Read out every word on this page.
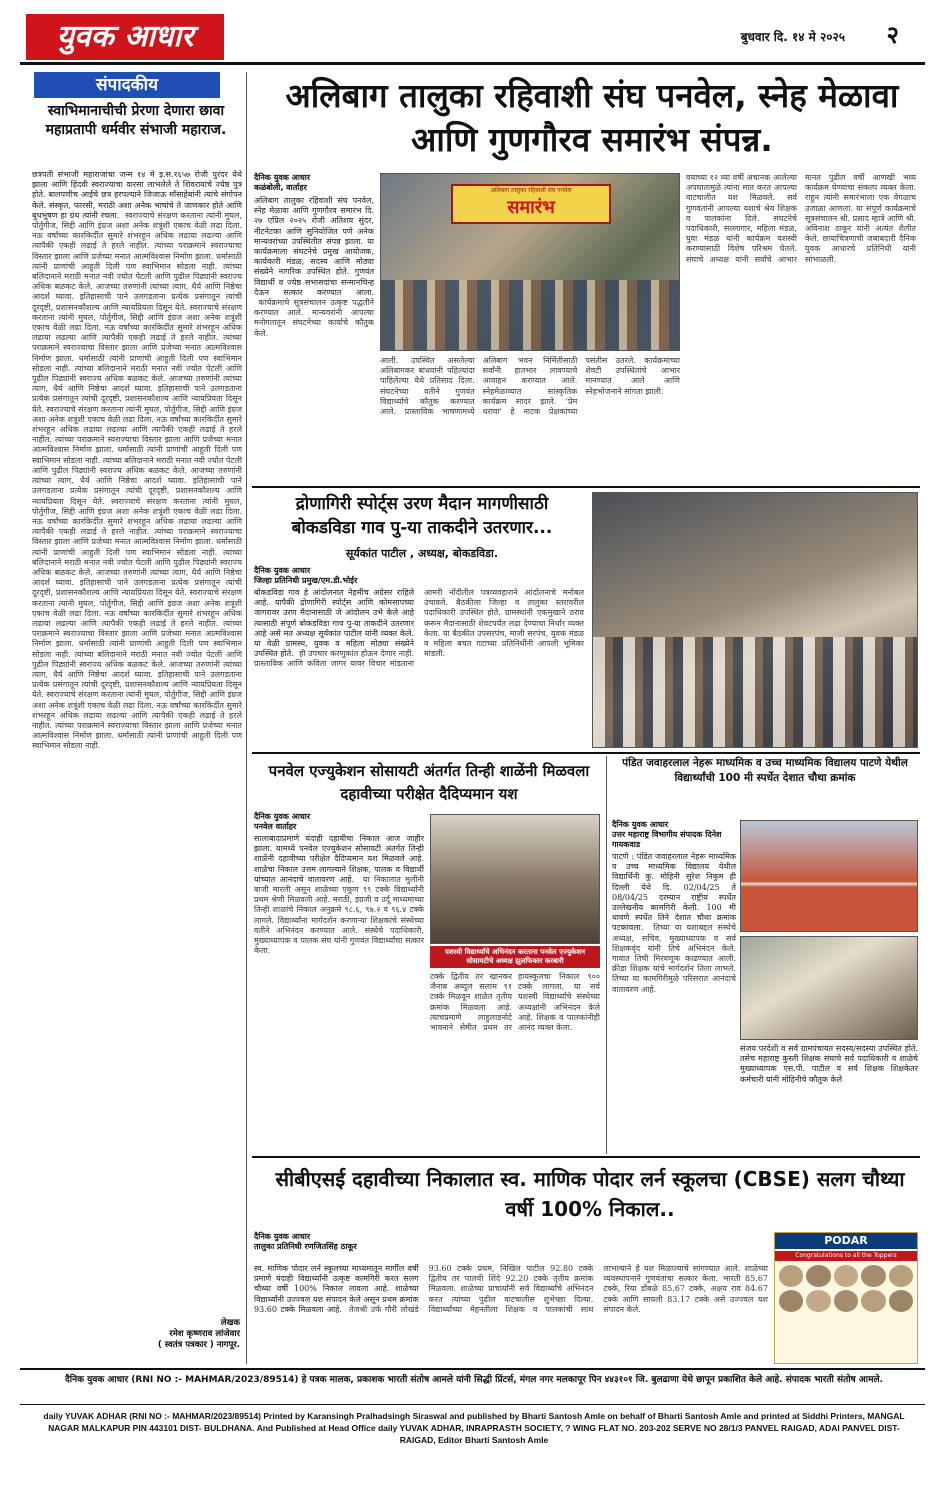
युवक आधार	बुधवार दि. १४ मे २०२५ २
संपादकीय
स्वाभिमानाचीची प्रेरणा देणारा छावा महाप्रतापी धर्मवीर संभाजी महाराज.
छत्रपती संभाजी महाराजांचा जन्म १४ मे इ.स.१६५७ रोजी पुरंदर येथे झाला आणि हिंदवी स्वराज्याचा वारसा लाभलेले ते शिवरायांचे ज्येष्ठ पुत्र होते. बालपणीच आईचे छत्र हरपल्याने जिजाऊ माँसाहेबांनी त्यांचे संगोपन केले. संस्कृत, फारसी, मराठी अशा अनेक भाषांचे ते जाणकार होते आणि बुधभूषण हा ग्रंथ त्यांनी रचला.  स्वराज्याचे संरक्षण करताना त्यांनी मुघल, पोर्तुगीज, सिद्दी आणि इंग्रज अशा अनेक शत्रूंशी एकाच वेळी लढा दिला. नऊ वर्षांच्या कारकिर्दीत सुमारे शंभरहून अधिक लढाया लढल्या आणि त्यापैकी एकही लढाई ते हरले नाहीत. त्यांच्या पराक्रमाने स्वराज्याचा विस्तार झाला आणि प्रजेच्या मनात आत्मविश्वास निर्माण झाला. धर्मासाठी त्यांनी प्राणांची आहुती दिली पण स्वाभिमान सोडला नाही. त्यांच्या बलिदानाने मराठी मनात नवी ज्योत पेटली आणि पुढील पिढ्यांनी स्वराज्य अधिक बळकट केले. आजच्या तरुणांनी त्यांच्या त्याग, धैर्य आणि निष्ठेचा आदर्श घ्यावा. इतिहासाची पाने उलगडताना प्रत्येक प्रसंगातून त्यांची दूरदृष्टी, प्रशासनकौशल्य आणि न्यायप्रियता दिसून येते. स्वराज्याचे संरक्षण करताना त्यांनी मुघल, पोर्तुगीज, सिद्दी आणि इंग्रज अशा अनेक शत्रूंशी एकाच वेळी लढा दिला. नऊ वर्षांच्या कारकिर्दीत सुमारे शंभरहून अधिक लढाया लढल्या आणि त्यापैकी एकही लढाई ते हरले नाहीत. त्यांच्या पराक्रमाने स्वराज्याचा विस्तार झाला आणि प्रजेच्या मनात आत्मविश्वास निर्माण झाला. धर्मासाठी त्यांनी प्राणांची आहुती दिली पण स्वाभिमान सोडला नाही. त्यांच्या बलिदानाने मराठी मनात नवी ज्योत पेटली आणि पुढील पिढ्यांनी स्वराज्य अधिक बळकट केले. आजच्या तरुणांनी त्यांच्या त्याग, धैर्य आणि निष्ठेचा आदर्श घ्यावा. इतिहासाची पाने उलगडताना प्रत्येक प्रसंगातून त्यांची दूरदृष्टी, प्रशासनकौशल्य आणि न्यायप्रियता दिसून येते. स्वराज्याचे संरक्षण करताना त्यांनी मुघल, पोर्तुगीज, सिद्दी आणि इंग्रज अशा अनेक शत्रूंशी एकाच वेळी लढा दिला. नऊ वर्षांच्या कारकिर्दीत सुमारे शंभरहून अधिक लढाया लढल्या आणि त्यापैकी एकही लढाई ते हरले नाहीत. त्यांच्या पराक्रमाने स्वराज्याचा विस्तार झाला आणि प्रजेच्या मनात आत्मविश्वास निर्माण झाला. धर्मासाठी त्यांनी प्राणांची आहुती दिली पण स्वाभिमान सोडला नाही. त्यांच्या बलिदानाने मराठी मनात नवी ज्योत पेटली आणि पुढील पिढ्यांनी स्वराज्य अधिक बळकट केले. आजच्या तरुणांनी त्यांच्या त्याग, धैर्य आणि निष्ठेचा आदर्श घ्यावा. इतिहासाची पाने उलगडताना प्रत्येक प्रसंगातून त्यांची दूरदृष्टी, प्रशासनकौशल्य आणि न्यायप्रियता दिसून येते. स्वराज्याचे संरक्षण करताना त्यांनी मुघल, पोर्तुगीज, सिद्दी आणि इंग्रज अशा अनेक शत्रूंशी एकाच वेळी लढा दिला. नऊ वर्षांच्या कारकिर्दीत सुमारे शंभरहून अधिक लढाया लढल्या आणि त्यापैकी एकही लढाई ते हरले नाहीत. त्यांच्या पराक्रमाने स्वराज्याचा विस्तार झाला आणि प्रजेच्या मनात आत्मविश्वास निर्माण झाला. धर्मासाठी त्यांनी प्राणांची आहुती दिली पण स्वाभिमान सोडला नाही. त्यांच्या बलिदानाने मराठी मनात नवी ज्योत पेटली आणि पुढील पिढ्यांनी स्वराज्य अधिक बळकट केले. आजच्या तरुणांनी त्यांच्या त्याग, धैर्य आणि निष्ठेचा आदर्श घ्यावा. इतिहासाची पाने उलगडताना प्रत्येक प्रसंगातून त्यांची दूरदृष्टी, प्रशासनकौशल्य आणि न्यायप्रियता दिसून येते. स्वराज्याचे संरक्षण करताना त्यांनी मुघल, पोर्तुगीज, सिद्दी आणि इंग्रज अशा अनेक शत्रूंशी एकाच वेळी लढा दिला. नऊ वर्षांच्या कारकिर्दीत सुमारे शंभरहून अधिक लढाया लढल्या आणि त्यापैकी एकही लढाई ते हरले नाहीत. त्यांच्या पराक्रमाने स्वराज्याचा विस्तार झाला आणि प्रजेच्या मनात आत्मविश्वास निर्माण झाला. धर्मासाठी त्यांनी प्राणांची आहुती दिली पण स्वाभिमान सोडला नाही. त्यांच्या बलिदानाने मराठी मनात नवी ज्योत पेटली आणि पुढील पिढ्यांनी स्वराज्य अधिक बळकट केले. आजच्या तरुणांनी त्यांच्या त्याग, धैर्य आणि निष्ठेचा आदर्श घ्यावा. इतिहासाची पाने उलगडताना प्रत्येक प्रसंगातून त्यांची दूरदृष्टी, प्रशासनकौशल्य आणि न्यायप्रियता दिसून येते. स्वराज्याचे संरक्षण करताना त्यांनी मुघल, पोर्तुगीज, सिद्दी आणि इंग्रज अशा अनेक शत्रूंशी एकाच वेळी लढा दिला. नऊ वर्षांच्या कारकिर्दीत सुमारे शंभरहून अधिक लढाया लढल्या आणि त्यापैकी एकही लढाई ते हरले नाहीत. त्यांच्या पराक्रमाने स्वराज्याचा विस्तार झाला आणि प्रजेच्या मनात आत्मविश्वास निर्माण झाला. धर्मासाठी त्यांनी प्राणांची आहुती दिली पण स्वाभिमान सोडला नाही.
लेखक
रमेश कृष्णराव लांजेवार
( स्वतंत्र पत्रकार ) नागपूर.
अलिबाग तालुका रहिवाशी संघ पनवेल, स्नेह मेळावा आणि गुणगौरव समारंभ संपन्न.
दैनिक युवक आधार
कळंबोली, वार्ताहर
अलिबाग तालुका रहिवाशी संघ पनवेल, स्नेह मेळावा आणि गुणगौरव समारंभ दि. २७ एप्रिल २०२५ रोजी अतिशय सुंदर, नीटनेटका आणि सुनियोजित पणे अनेक मान्यवरांच्या उपस्थितीत संपन्न झाला. या कार्यक्रमाला संघटनेचे प्रमुख आयोजक, कार्यकारी मंडळ, सदस्य आणि मोठ्या संख्येने नागरिक उपस्थित होते. गुणवंत विद्यार्थी व ज्येष्ठ सभासदांचा सन्मानचिन्ह देऊन सत्कार करण्यात आला.  कार्यक्रमाचे सूत्रसंचालन उत्कृष्ट पद्धतीने करण्यात आले. मान्यवरांनी आपल्या मनोगतातून संघटनेच्या कार्याचे कौतुक केले.
अलिबाग तालुका रहिवाशी संघ पनवेल
समारंभ
आली. उपस्थित असलेल्या अलिबागकर बांधवांनी पहिल्यांदा पाहिलेल्या येथे प्रतिसाद दिला. संघटनेच्या वतीने गुणवंत विद्यार्थ्यांचे कौतुक करण्यात आले. प्रास्ताविक भाषणामध्ये अलिबाग भवन निर्मितीसाठी सर्वांनी हातभार लावण्याचे आवाहन करण्यात आले. स्नेहमेळाव्यात सांस्कृतिक कार्यक्रम सादर झाले. 'प्रेम धरावा' हे नाटक प्रेक्षकांच्या पसंतीस उतरले. कार्यक्रमाच्या शेवटी उपस्थितांचे आभार मानण्यात आले आणि स्नेहभोजनाने सांगता झाली.
वयाच्या १२ व्या वर्षी अचानक आलेल्या अपघातामुळे त्यांना मात करत आपल्या वाटचालीत यश मिळवले. सर्व गुणवंतांनी आपल्या यशाचे श्रेय शिक्षक व पालकांना दिले. संघटनेचे पदाधिकारी, सल्लागार, महिला मंडळ, युवा मंडळ यांनी कार्यक्रम यशस्वी करण्यासाठी विशेष परिश्रम घेतले. संघाचे अध्यक्ष यांनी सर्वांचे आभार मानत पुढील वर्षी आणखी भव्य कार्यक्रम घेण्याचा संकल्प व्यक्त केला. राहून त्यांनी समारंभाला एक वेगळाच उजाळा आणला. या संपूर्ण कार्यक्रमाचे सूत्रसंचालन श्री. प्रसाद म्हात्रे आणि श्री. अविनाश ठाकूर यांनी अत्यंत शैलीत केले. छायाचित्रणाची जबाबदारी दैनिक युवक आधारचे प्रतिनिधी यांनी सांभाळली.
द्रोणागिरी स्पोर्ट्स उरण मैदान मागणीसाठी बोकडविडा गाव पु-या ताकदीने उतरणार...
सूर्यकांत पाटील , अध्यक्ष, बोकडविडा.
दैनिक युवक आधार
जिल्हा प्रतिनिधी प्रमुख/एम.डी.भोईर
बोकडविडा गाव हे आंदोलनात नेहमीच अग्रेसर राहिले आहे. यापैकी द्रोणागिरी स्पोर्ट्स आणि कोमसापच्या जागरावर उरण मैदानासाठी जे आंदोलन उभे केले आहे त्यासाठी संपूर्ण बोकडविडा गाव पु-या ताकदीने उतरणार आहे असे मत अध्यक्ष सूर्यकांत पाटील यांनी व्यक्त केले. या वेळी ग्रामस्थ, युवक व महिला मोठ्या संख्येने उपस्थित होते.  ही उपचार करणुकांत होऊन देणार नाही. प्रास्ताविक आणि कविता जागर यावर विचार मांडताना आमरी नोंदीतील पत्रव्यवहाराने आंदोलनाचे मनोबल उंचावले. बैठकीला जिल्हा व तालुका स्तरावरील पदाधिकारी उपस्थित होते. ग्रामस्थांनी एकमुखाने ठराव करून मैदानासाठी शेवटपर्यंत लढा देण्याचा निर्धार व्यक्त केला. या बैठकीत उपसरपंच, माजी सरपंच, युवक मंडळ व महिला बचत गटाच्या प्रतिनिधींनी आपली भूमिका मांडली.
पनवेल एज्युकेशन सोसायटी अंतर्गत तिन्ही शाळेंनी मिळवला दहावीच्या परीक्षेत दैदिप्यमान यश
दैनिक युवक आधार
पनवेल वार्ताहर
सालाबादाप्रमाणे यंदाही दहावीचा निकाल आज जाहीर झाला. यामध्ये पनवेल एज्युकेशन सोसायटी अंतर्गत तिन्ही शाळेंनी दहावीच्या परीक्षेत दैदिप्यमान यश मिळवले आहे. शाळेचा निकाल उत्तम लागल्याने शिक्षक, पालक व विद्यार्थी यांच्यात आनंदाचे वातावरण आहे.  या निकालात मुलींनी बाजी मारली असून शाळेच्या एकूण ९९ टक्के विद्यार्थ्यांनी प्रथम श्रेणी मिळवली आहे. मराठी, इंग्रजी व उर्दू माध्यमाच्या तिन्ही शाळांचे निकाल अनुक्रमे ९८.६, ९७.२ व ९६.४ टक्के लागले. विद्यार्थ्यांना मार्गदर्शन करणाऱ्या शिक्षकांचे संस्थेच्या वतीने अभिनंदन करण्यात आले. संस्थेचे पदाधिकारी, मुख्याध्यापक व पालक संघ यांनी गुणवंत विद्यार्थ्यांचा सत्कार केला.	यशस्वी विद्यार्थ्यांचे अभिनंदन करताना पनवेल एज्युकेशन सोसायटीचे अध्यक्ष झुलफिकार करबारी
टक्के द्वितीय तर खानकर जैनाब अब्दुल सलाम ९१ टक्के मिळवून शाळेत तृतीय क्रमांक मिळवला आहे. त्याचप्रमाणे लाहुलाडनोटे भावनाने सेमीत प्रथम तर हायस्कूलचा निकाल ९०० टक्के लागला. या सर्व यशस्वी विद्यार्थ्यांचे संस्थेच्या अध्यक्षांनी अभिनंदन केले आहे. शिक्षक व पालकांनीही आनंद व्यक्त केला.
पंडित जवाहरलाल नेहरू माध्यमिक व उच्च माध्यमिक विद्यालय पाटणे येथील विद्यार्थ्यांची 100 मी स्पर्धेत देशात चौथा क्रमांक
दैनिक युवक आधार
उत्तर महाराष्ट्र विभागीय संपादक दिनेश गायकवाड
पाटणे : पंडित जवाहरलाल नेहरू माध्यमिक व उच्च माध्यमिक विद्यालय येथील विद्यार्थिनी कु. मोहिनी सुरेश निकुम ही दिल्ली येथे दि. 02/04/25 ते 08/04/25 दरम्यान राष्ट्रीय स्पर्धेत उल्लेखनीय कामगिरी केली. 100 मी धावणे स्पर्धेत तिने देशात चौथा क्रमांक पटकावला.  तिच्या या यशाबद्दल संस्थेचे अध्यक्ष, सचिव, मुख्याध्यापक व सर्व शिक्षकवृंद यांनी तिचे अभिनंदन केले. गावात तिची मिरवणूक काढण्यात आली. क्रीडा शिक्षक यांचे मार्गदर्शन तिला लाभले. तिच्या या कामगिरीमुळे परिसरात आनंदाचे वातावरण आहे.
संजय परदेशी व सर्व ग्रामपंचायत सदस्य/सदस्या उपस्थित होते. तसेच महाराष्ट्र कुस्ती शिक्षक संघाचे सर्व पदाधिकारी व शाळेचे मुख्याध्यापक एस.पी. पाटील व सर्व शिक्षक शिक्षकेतर कर्मचारी यांनी मोहिनीचे कौतुक केले
सीबीएसई दहावीच्या निकालात स्व. माणिक पोदार लर्न स्कूलचा (CBSE) सलग चौथ्या वर्षी 100% निकाल..
दैनिक युवक आधार
तालुका प्रतिनिधी रणजितसिंह ठाकूर
स्व. माणिक पोदार लर्न स्कूलच्या माध्यमातून मार्गील वर्षी प्रमाणे यंदाही विद्यार्थ्यांनी उत्कृष्ट कामगिरी करत सलग चौथ्या वर्षी 100% निकाल लावला आहे. शाळेच्या विद्यार्थ्यांनी उज्ज्वल यश संपादन केले असून प्रथम क्रमांक 93.60 टक्के मिळवला आहे.  तेजश्री उर्फ गौरी लोखंडे 93.60 टक्के प्रथम, निखिल पाटील 92.80 टक्के द्वितीय तर पालवी शिंदे 92.20 टक्के तृतीय क्रमांक मिळवला. शाळेच्या प्राचार्यांनी सर्व विद्यार्थ्यांचे अभिनंदन करत त्यांच्या पुढील वाटचालीस शुभेच्छा दिल्या. विद्यार्थ्यांच्या मेहनतीला शिक्षक व पालकांची साथ लाभल्याने हे यश मिळाल्याचे सांगण्यात आले. शाळेच्या व्यवस्थापनाने गुणवंतांचा सत्कार केला. भारती 85.67 टक्के, रिया डोंबळे 85.67 टक्के, अक्षय राव 84.67 टक्के आणि सायली 83.17 टक्के असे उज्ज्वल यश संपादन केले.
PODAR
Congratulations to all the Toppers
दैनिक युवक आधार (RNI NO :- MAHMAR/2023/89514) हे पत्रक मालक, प्रकाशक भारती संतोष आमले यांनी सिद्धी प्रिंटर्स, मंगल नगर मलकापूर पिन ४४३१०१ जि. बुलढाणा येथे छापून प्रकाशित केले आहे. संपादक भारती संतोष आमले.
daily YUVAK ADHAR (RNI NO :- MAHMAR/2023/89514) Printed by Karansingh Pralhadsingh Siraswal and published by Bharti Santosh Amle on behalf of Bharti Santosh Amle and printed at Siddhi Printers, MANGAL NAGAR MALKAPUR PIN 443101 DIST- BULDHANA. And Published at Head Office daily YUVAK ADHAR, INRAPRASTH SOCIETY, ? WING FLAT NO. 203-202 SERVE NO 28/1/3 PANVEL RAIGAD, ADAI PANVEL DIST-RAIGAD, Editor Bharti Santosh Amle
